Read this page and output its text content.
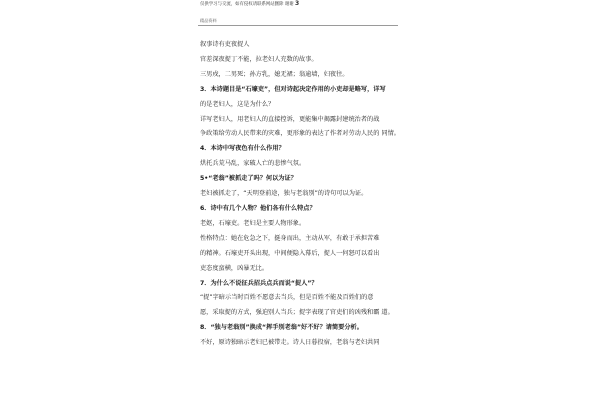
仅供学习与交流，如有侵权请联系网站删除 谢谢 3
精品资料
叙事诗有吏夜捉人
官差深夜捉丁不能，拉老妇人充数的故事。
三男戍，二男死；孙方乳，媳无裙；翁逾墙，妇夜往。
3．本诗题目是“石壕吏”，但对诗起决定作用的小吏却是略写，详写
的是老妇人，这是为什么？
详写老妇人，用老妇人的直接控诉，更能集中揭露封建统治者的战
争政策给劳动人民带来的灾难，更形象的表达了作者对劳动人民的 同情。
4．本诗中写夜色有什么作用？
烘托兵荒马乱，家破人亡的悲惨气氛。
5•“老翁”被抓走了吗？何以为证？
老妇被抓走了，“天明登前途，独与老翁别”的诗句可以为证。
6．诗中有几个人物？他们各有什么特点？
老妪，石壕吏。老妇是主要人物形象。
性格特点：她在危急之下，挺身而出，主动从军，有敢于承担苦难
的精神。石壕吏开头出现，中间便隐入幕后，捉人一何怒可以看出
吏态度蛮横，凶暴无比。
7．为什么不说征兵招兵点兵而说“捉人”？
“捉”字暗示当时百姓不愿意去当兵，但是百姓不能及百姓们的意
愿，采取捉的方式，强迫别人当兵；捉字表现了官吏们的凶残和霸 道。
8．“独与老翁别”换成“挥手别老翁”好不好？请简要分析。
不好，原诗独暗示老妇已被带走。诗人日暮投宿，老翁与老妇共同
